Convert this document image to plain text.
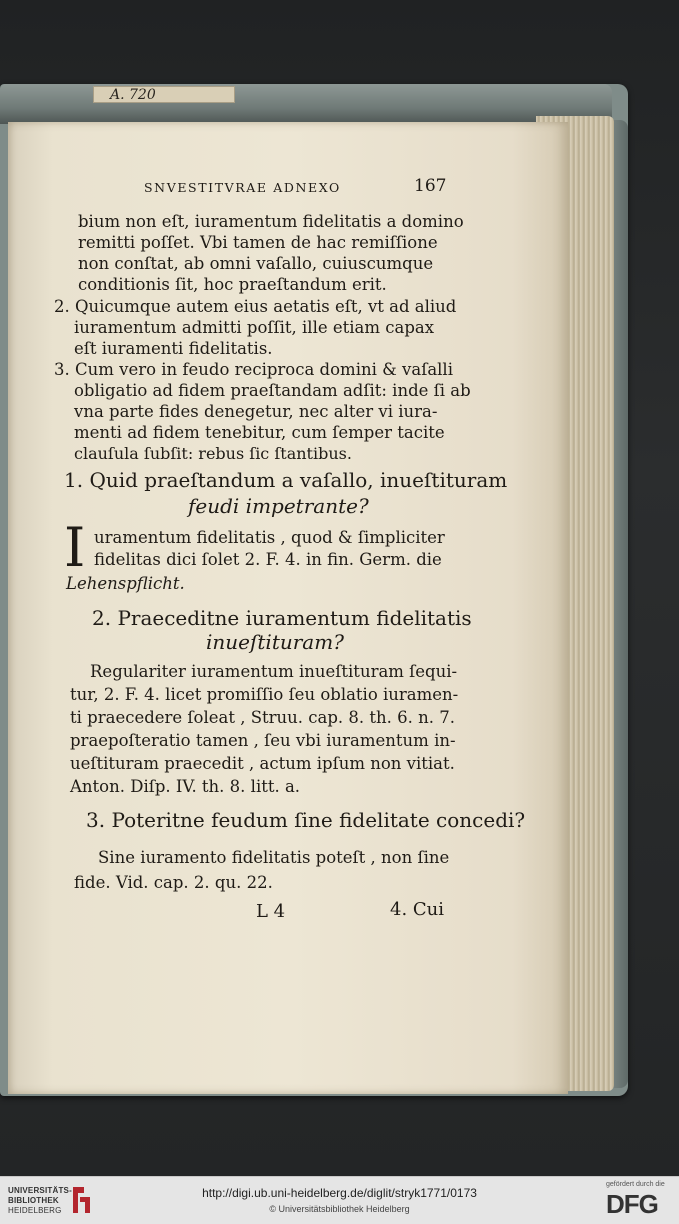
A. 720
SNVESTITVRAE ADNEXO	167
bium non eſt, iuramentum fidelitatis a domino
remitti poſſet. Vbi tamen de hac remiſſione
non conſtat, ab omni vaſallo, cuiuscumque
conditionis ſit, hoc praeſtandum erit.
2. Quicumque autem eius aetatis eſt, vt ad aliud
iuramentum admitti poſſit, ille etiam capax
eſt iuramenti fidelitatis.
3. Cum vero in feudo reciproca domini & vaſalli
obligatio ad fidem praeſtandam adſit: inde ſi ab
vna parte fides denegetur, nec alter vi iura-
menti ad fidem tenebitur, cum ſemper tacite
clauſula ſubſit: rebus ſic ſtantibus.
1. Quid praeſtandum a vaſallo, inueſtituram
feudi impetrante?
I uramentum fidelitatis , quod & ſimpliciter
fidelitas dici ſolet 2. F. 4. in fin. Germ. die
Lehenspflicht.
2. Praeceditne iuramentum fidelitatis
inueſtituram?
Regulariter iuramentum inueſtituram ſequi-
tur, 2. F. 4. licet promiſſio ſeu oblatio iuramen-
ti praecedere ſoleat , Struu. cap. 8. th. 6. n. 7.
praepoſteratio tamen , ſeu vbi iuramentum in-
ueſtituram praecedit , actum ipſum non vitiat.
Anton. Diſp. IV. th. 8. litt. a.
3. Poteritne feudum ſine fidelitate concedi?
Sine iuramento fidelitatis poteſt , non ſine
fide. Vid. cap. 2. qu. 22.
L 4	4. Cui
UNIVERSITÄTS-
BIBLIOTHEK
HEIDELBERG
http://digi.ub.uni-heidelberg.de/diglit/stryk1771/0173
© Universitätsbibliothek Heidelberg
gefördert durch die
DFG
